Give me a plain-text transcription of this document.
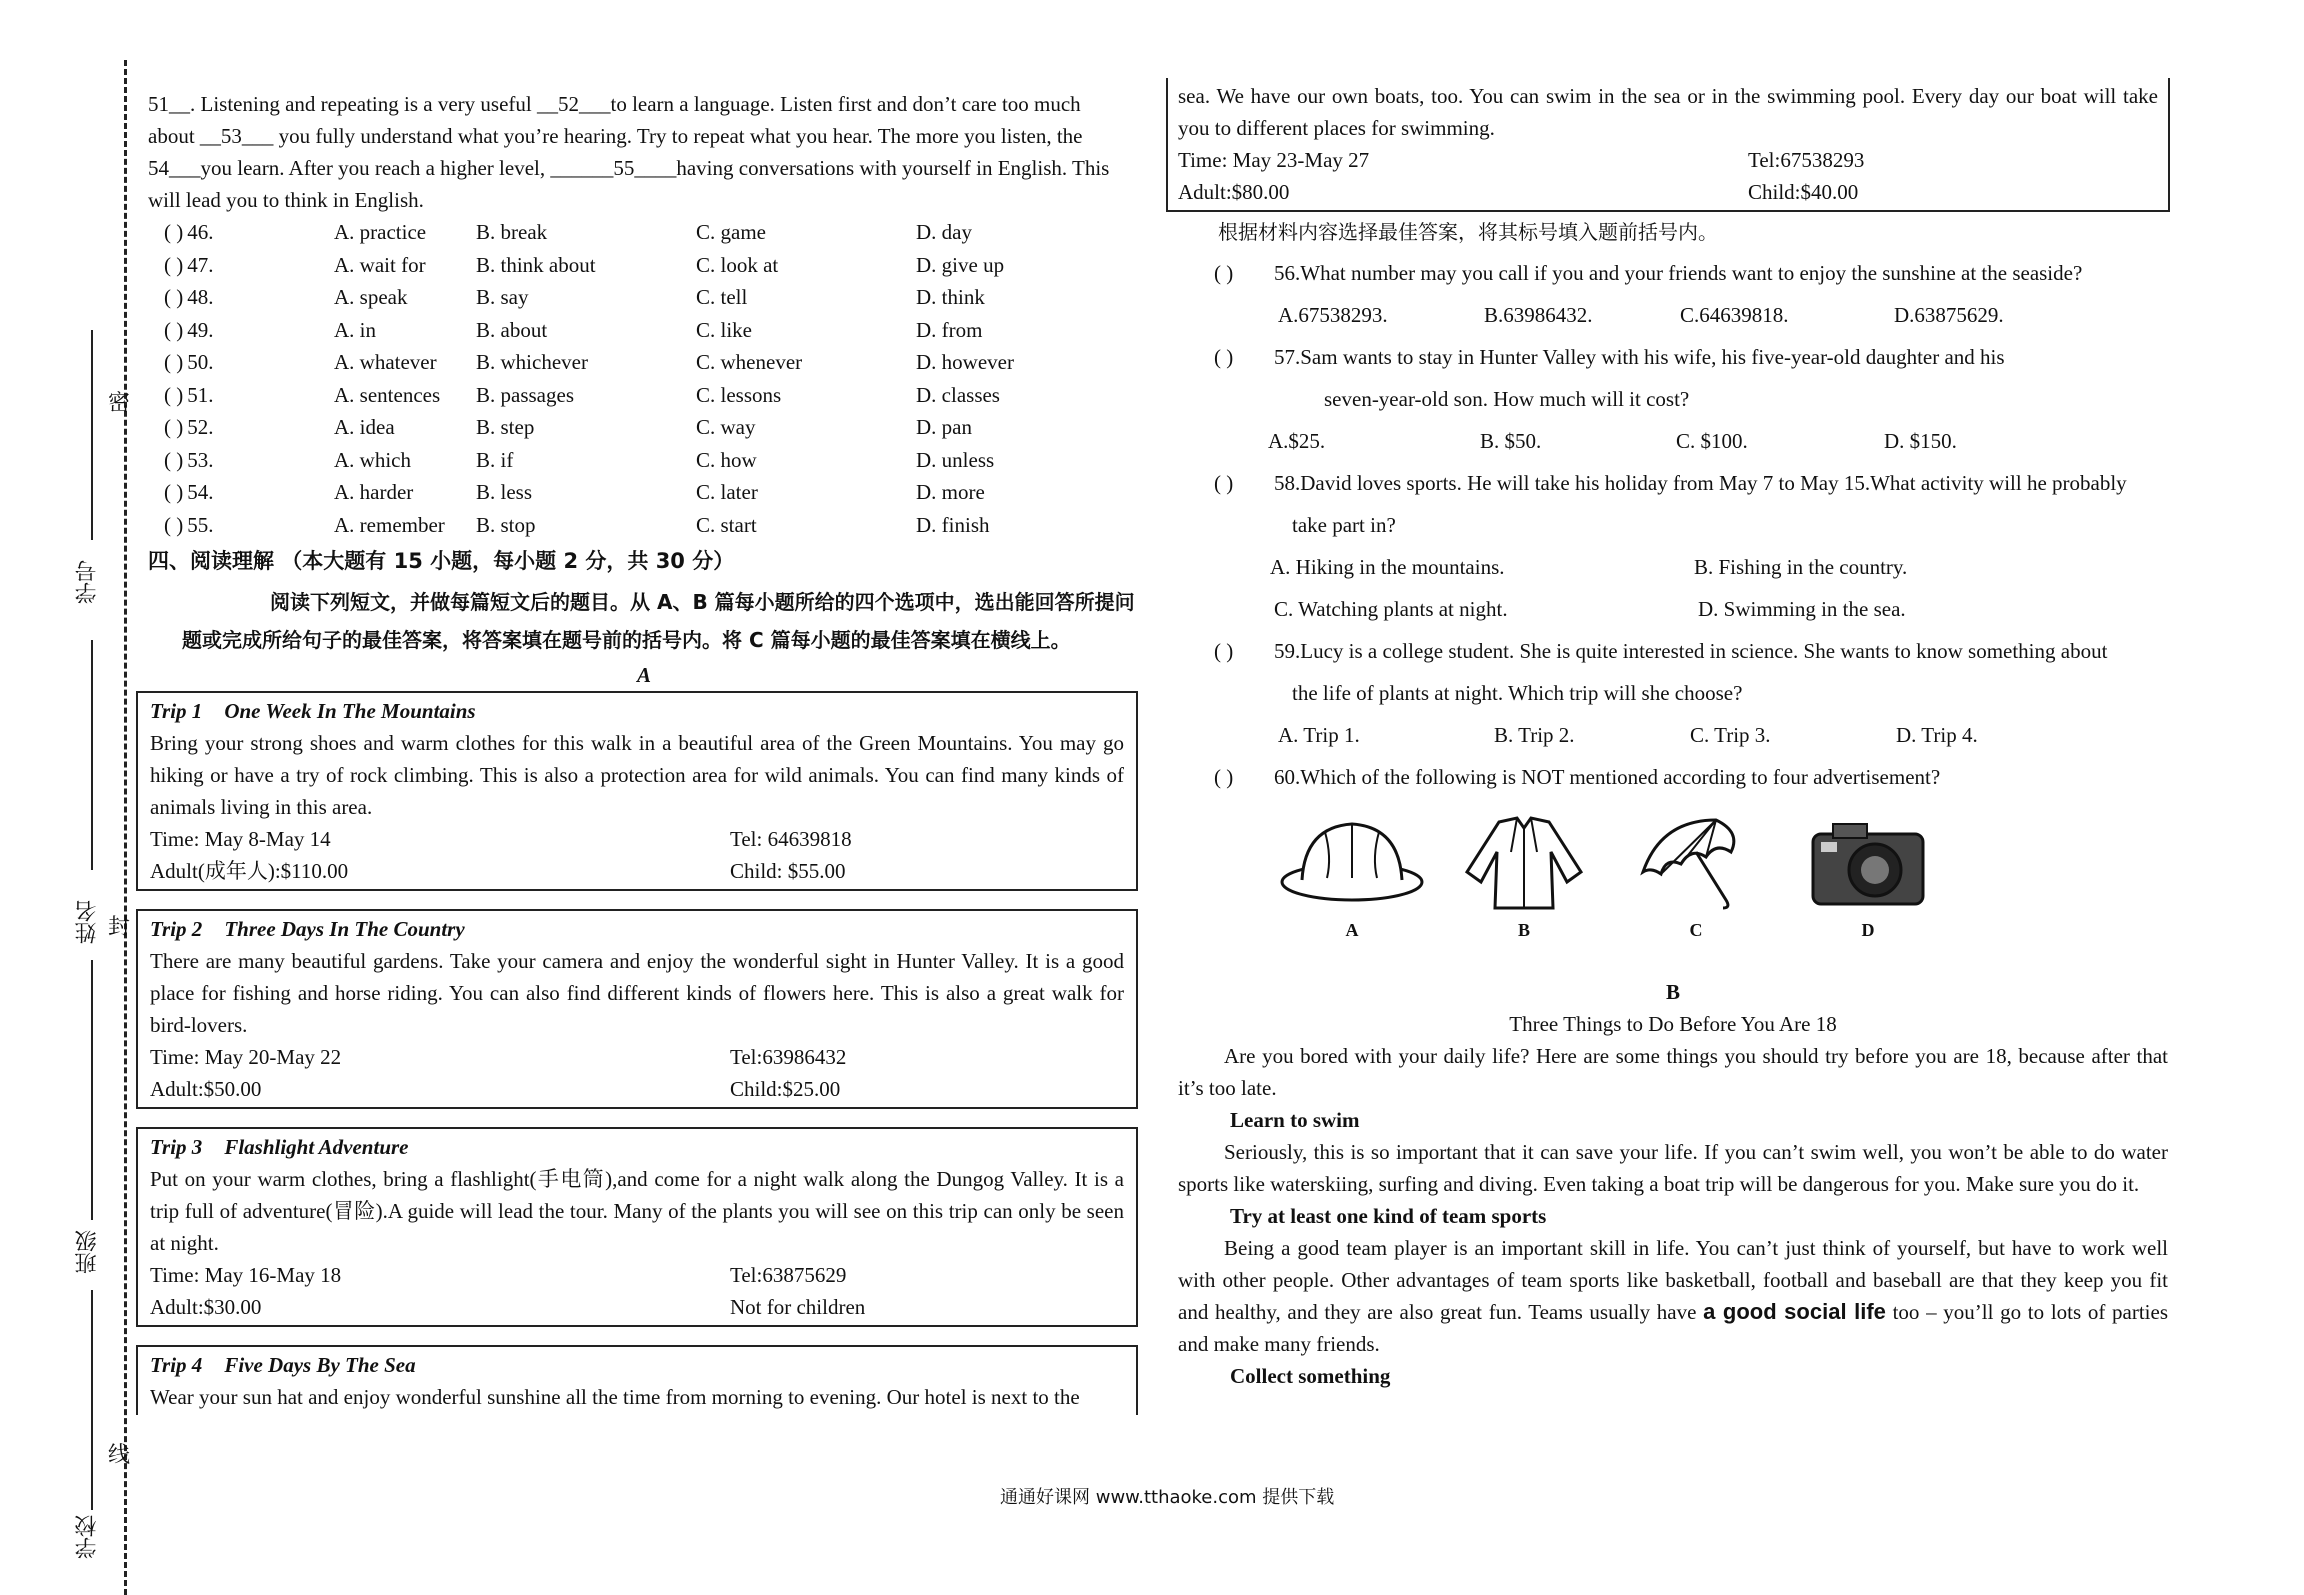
学号
姓名
班级
学校
密
封
线

51__. Listening and repeating is a very useful __52___to learn a language. Listen first and don’t care too much

about __53___ you fully understand what you’re hearing. Try to repeat what you hear. The more you listen, the

54___you learn. After you reach a higher level, ______55____having conversations with yourself in English. This

will lead you to think in English.

( ) 46.	A. practice	B. break	C. game	D. day
( ) 47.	A. wait for	B. think about	C. look at	D. give up
( ) 48.	A. speak	B. say	C. tell	D. think
( ) 49.	A. in	B. about	C. like	D. from
( ) 50.	A. whatever	B. whichever	C. whenever	D. however
( ) 51.	A. sentences	B. passages	C. lessons	D. classes
( ) 52.	A. idea	B. step	C. way	D. pan
( ) 53.	A. which	B. if	C. how	D. unless
( ) 54.	A. harder	B. less	C. later	D. more
( ) 55.	A. remember	B. stop	C. start	D. finish
四、阅读理解 （本大题有 15 小题，每小题 2 分，共 30 分）

阅读下列短文，并做每篇短文后的题目。从 A、B 篇每小题所给的四个选项中，选出能回答所提问题或完成所给句子的最佳答案，将答案填在题号前的括号内。将 C 篇每小题的最佳答案填在横线上。

A

Trip 1 One Week In The Mountains
Bring your strong shoes and warm clothes for this walk in a beautiful area of the Green Mountains. You may go hiking or have a try of rock climbing. This is also a protection area for wild animals. You can find many kinds of animals living in this area.
Time: May 8-May 14	Tel: 64639818
Adult(成年人):$110.00	Child: $55.00
Trip 2 Three Days In The Country
There are many beautiful gardens. Take your camera and enjoy the wonderful sight in Hunter Valley. It is a good place for fishing and horse riding. You can also find different kinds of flowers here. This is also a great walk for bird-lovers.
Time: May 20-May 22	Tel:63986432
Adult:$50.00	Child:$25.00
Trip 3 Flashlight Adventure
Put on your warm clothes, bring a flashlight(手电筒),and come for a night walk along the Dungog Valley. It is a trip full of adventure(冒险).A guide will lead the tour. Many of the plants you will see on this trip can only be seen at night.
Time: May 16-May 18	Tel:63875629
Adult:$30.00	Not for children
Trip 4 Five Days By The Sea
Wear your sun hat and enjoy wonderful sunshine all the time from morning to evening. Our hotel is next to the
sea. We have our own boats, too. You can swim in the sea or in the swimming pool. Every day our boat will take you to different places for swimming.
Time: May 23-May 27	Tel:67538293
Adult:$80.00	Child:$40.00
根据材料内容选择最佳答案，将其标号填入题前括号内。
( ) 56.What number may you call if you and your friends want to enjoy the sunshine at the seaside?
A.67538293.	B.63986432.	C.64639818.	D.63875629.
( ) 57.Sam wants to stay in Hunter Valley with his wife, his five-year-old daughter and his
seven-year-old son. How much will it cost?
A.$25.	B. $50.	C. $100.	D. $150.
( ) 58.David loves sports. He will take his holiday from May 7 to May 15.What activity will he probably
take part in?
A. Hiking in the mountains.	B. Fishing in the country.
C. Watching plants at night.	D. Swimming in the sea.
( ) 59.Lucy is a college student. She is quite interested in science. She wants to know something about
the life of plants at night. Which trip will she choose?
A. Trip 1.	B. Trip 2.	C. Trip 3.	D. Trip 4.
( ) 60.Which of the following is NOT mentioned according to four advertisement?
A	B	C	D

B

Three Things to Do Before You Are 18

Are you bored with your daily life? Here are some things you should try before you are 18, because after that it’s too late.

Learn to swim

Seriously, this is so important that it can save your life. If you can’t swim well, you won’t be able to do water sports like waterskiing, surfing and diving. Even taking a boat trip will be dangerous for you. Make sure you do it.

Try at least one kind of team sports

Being a good team player is an important skill in life. You can’t just think of yourself, but have to work well with other people. Other advantages of team sports like basketball, football and baseball are that they keep you fit and healthy, and they are also great fun. Teams usually have a good social life too – you’ll go to lots of parties and make many friends.

Collect something

通通好课网 www.tthaoke.com 提供下载
